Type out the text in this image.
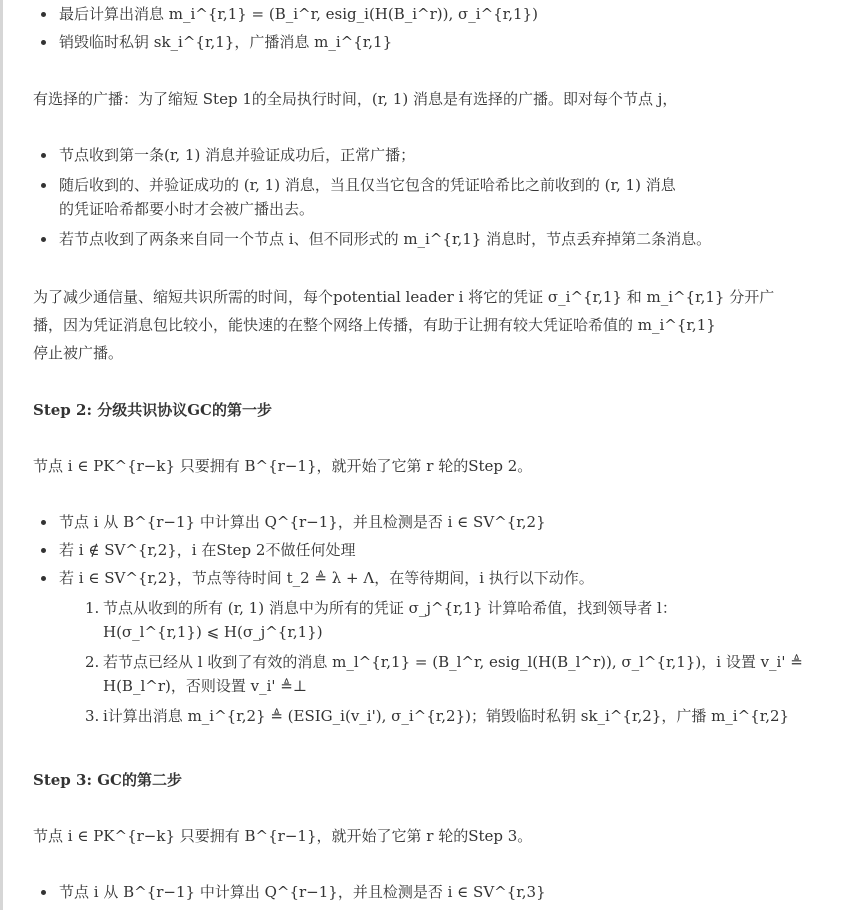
最后计算出消息 m_i^{r,1} = (B_i^r, esig_i(H(B_i^r)), σ_i^{r,1})
销毁临时私钥 sk_i^{r,1}，广播消息 m_i^{r,1}
有选择的广播：为了缩短 Step 1的全局执行时间，(r, 1) 消息是有选择的广播。即对每个节点 j，
节点收到第一条(r, 1) 消息并验证成功后，正常广播；
随后收到的、并验证成功的 (r, 1) 消息，当且仅当它包含的凭证哈希比之前收到的 (r, 1) 消息
的凭证哈希都要小时才会被广播出去。
若节点收到了两条来自同一个节点 i、但不同形式的 m_i^{r,1} 消息时，节点丢弃掉第二条消息。
为了减少通信量、缩短共识所需的时间，每个potential leader i 将它的凭证 σ_i^{r,1} 和 m_i^{r,1} 分开广
播，因为凭证消息包比较小，能快速的在整个网络上传播，有助于让拥有较大凭证哈希值的 m_i^{r,1}
停止被广播。
Step 2: 分级共识协议GC的第一步
节点 i ∈ PK^{r−k} 只要拥有 B^{r−1}，就开始了它第 r 轮的Step 2。
节点 i 从 B^{r−1} 中计算出 Q^{r−1}，并且检测是否 i ∈ SV^{r,2}
若 i ∉ SV^{r,2}，i 在Step 2不做任何处理
若 i ∈ SV^{r,2}，节点等待时间 t_2 ≜ λ + Λ，在等待期间，i 执行以下动作。
1. 节点从收到的所有 (r, 1) 消息中为所有的凭证 σ_j^{r,1} 计算哈希值，找到领导者 l：
H(σ_l^{r,1}) ⩽ H(σ_j^{r,1})
2. 若节点已经从 l 收到了有效的消息 m_l^{r,1} = (B_l^r, esig_l(H(B_l^r)), σ_l^{r,1})，i 设置 v_i' ≜
H(B_l^r)，否则设置 v_i' ≜⊥
3. i计算出消息 m_i^{r,2} ≜ (ESIG_i(v_i'), σ_i^{r,2})；销毁临时私钥 sk_i^{r,2}，广播 m_i^{r,2}
Step 3: GC的第二步
节点 i ∈ PK^{r−k} 只要拥有 B^{r−1}，就开始了它第 r 轮的Step 3。
节点 i 从 B^{r−1} 中计算出 Q^{r−1}，并且检测是否 i ∈ SV^{r,3}
